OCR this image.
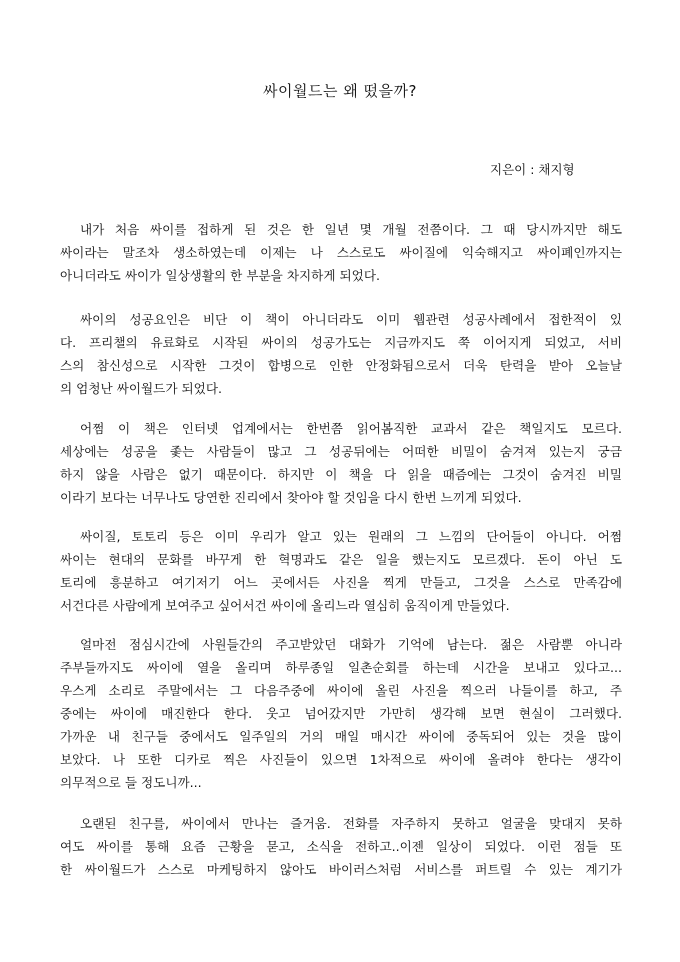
싸이월드는 왜 떴을까?
지은이 : 채지형
내가 처음 싸이를 접하게 된 것은 한 일년 몇 개월 전쯤이다. 그 때 당시까지만 해도
싸이라는 말조차 생소하였는데 이제는 나 스스로도 싸이질에 익숙해지고 싸이폐인까지는
아니더라도 싸이가 일상생활의 한 부분을 차지하게 되었다.
싸이의 성공요인은 비단 이 책이 아니더라도 이미 웹관련 성공사례에서 접한적이 있
다. 프리챌의 유료화로 시작된 싸이의 성공가도는 지금까지도 쭉 이어지게 되었고, 서비
스의 참신성으로 시작한 그것이 합병으로 인한 안정화됨으로서 더욱 탄력을 받아 오늘날
의 엄청난 싸이월드가 되었다.
어쩜 이 책은 인터넷 업계에서는 한번쯤 읽어봄직한 교과서 같은 책일지도 모르다.
세상에는 성공을 좇는 사람들이 많고 그 성공뒤에는 어떠한 비밀이 숨겨져 있는지 궁금
하지 않을 사람은 없기 때문이다. 하지만 이 책을 다 읽을 때즘에는 그것이 숨겨진 비밀
이라기 보다는 너무나도 당연한 진리에서 찾아야 할 것임을 다시 한번 느끼게 되었다.
싸이질, 토토리 등은 이미 우리가 알고 있는 원래의 그 느낌의 단어들이 아니다. 어쩜
싸이는 현대의 문화를 바꾸게 한 혁명과도 같은 일을 했는지도 모르겠다. 돈이 아닌 도
토리에 흥분하고 여기저기 어느 곳에서든 사진을 찍게 만들고, 그것을 스스로 만족감에
서건다른 사람에게 보여주고 싶어서건 싸이에 올리느라 열심히 움직이게 만들었다.
얼마전 점심시간에 사원들간의 주고받았던 대화가 기억에 남는다. 젊은 사람뿐 아니라
주부들까지도 싸이에 열을 올리며 하루종일 일촌순회를 하는데 시간을 보내고 있다고...
우스게 소리로 주말에서는 그 다음주중에 싸이에 올린 사진을 찍으러 나들이를 하고, 주
중에는 싸이에 매진한다 한다. 웃고 넘어갔지만 가만히 생각해 보면 현실이 그러했다.
가까운 내 친구들 중에서도 일주일의 거의 매일 매시간 싸이에 중독되어 있는 것을 많이
보았다. 나 또한 디카로 찍은 사진들이 있으면 1차적으로 싸이에 올려야 한다는 생각이
의무적으로 들 정도니까...
오랜된 친구를, 싸이에서 만나는 즐거움. 전화를 자주하지 못하고 얼굴을 맞대지 못하
여도 싸이를 통해 요즘 근황을 묻고, 소식을 전하고..이젠 일상이 되었다. 이런 점들 또
한 싸이월드가 스스로 마케팅하지 않아도 바이러스처럼 서비스를 퍼트릴 수 있는 계기가
